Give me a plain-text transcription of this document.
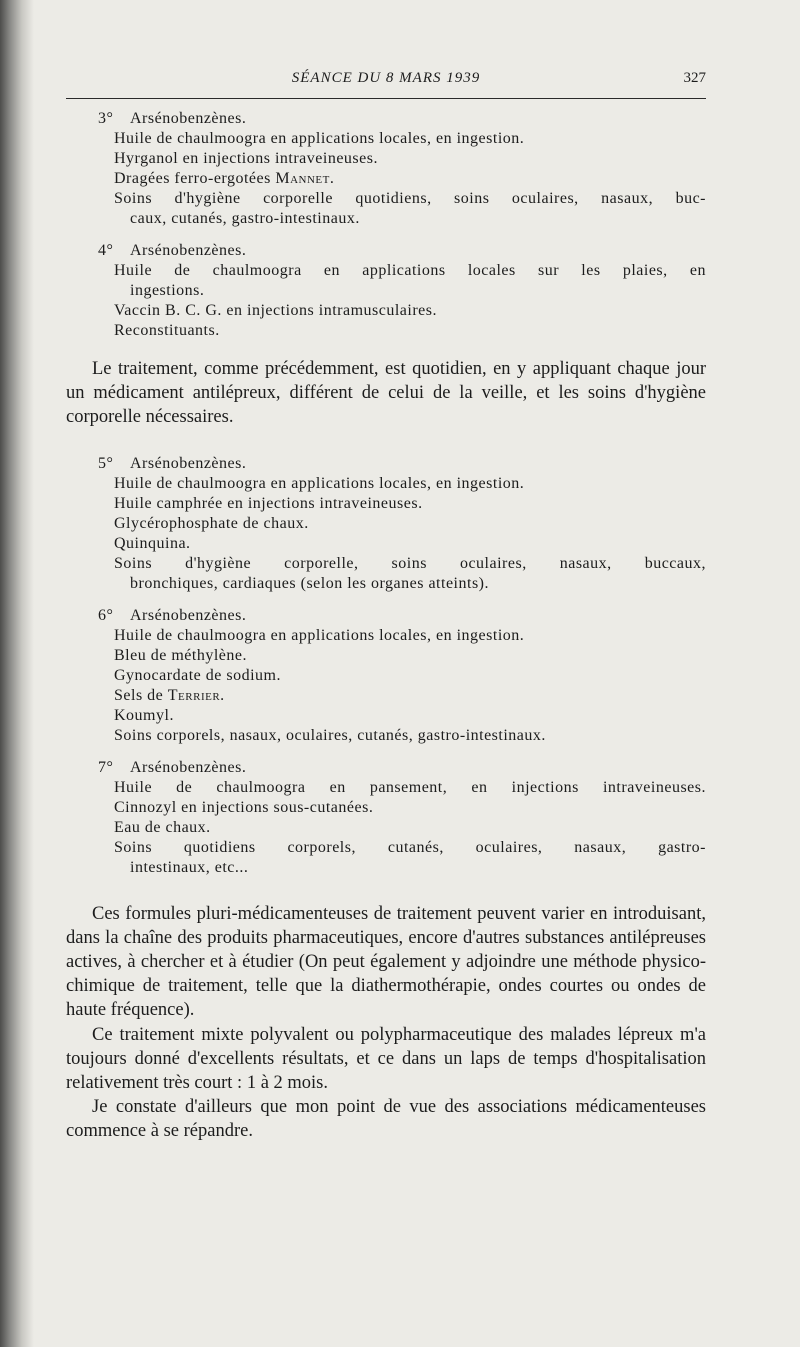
SÉANCE DU 8 MARS 1939	327
3° Arsénobenzènes.
Huile de chaulmoogra en applications locales, en ingestion.
Hyrganol en injections intraveineuses.
Dragées ferro-ergotées Mannet.
Soins d'hygiène corporelle quotidiens, soins oculaires, nasaux, buc-
caux, cutanés, gastro-intestinaux.
4° Arsénobenzènes.
Huile de chaulmoogra en applications locales sur les plaies, en
ingestions.
Vaccin B. C. G. en injections intramusculaires.
Reconstituants.

Le traitement, comme précédemment, est quotidien, en y appliquant chaque jour un médicament antilépreux, différent de celui de la veille, et les soins d'hygiène corporelle nécessaires.

5° Arsénobenzènes.
Huile de chaulmoogra en applications locales, en ingestion.
Huile camphrée en injections intraveineuses.
Glycérophosphate de chaux.
Quinquina.
Soins d'hygiène corporelle, soins oculaires, nasaux, buccaux,
bronchiques, cardiaques (selon les organes atteints).
6° Arsénobenzènes.
Huile de chaulmoogra en applications locales, en ingestion.
Bleu de méthylène.
Gynocardate de sodium.
Sels de Terrier.
Koumyl.
Soins corporels, nasaux, oculaires, cutanés, gastro-intestinaux.
7° Arsénobenzènes.
Huile de chaulmoogra en pansement, en injections intraveineuses.
Cinnozyl en injections sous-cutanées.
Eau de chaux.
Soins quotidiens corporels, cutanés, oculaires, nasaux, gastro-
intestinaux, etc...

Ces formules pluri-médicamenteuses de traitement peuvent varier en introduisant, dans la chaîne des produits pharmaceutiques, encore d'autres substances antilépreuses actives, à chercher et à étudier (On peut également y adjoindre une méthode physico-chimique de traitement, telle que la diathermothérapie, ondes courtes ou ondes de haute fréquence).

Ce traitement mixte polyvalent ou polypharmaceutique des malades lépreux m'a toujours donné d'excellents résultats, et ce dans un laps de temps d'hospitalisation relativement très court : 1 à 2 mois.

Je constate d'ailleurs que mon point de vue des associations médicamenteuses commence à se répandre.
